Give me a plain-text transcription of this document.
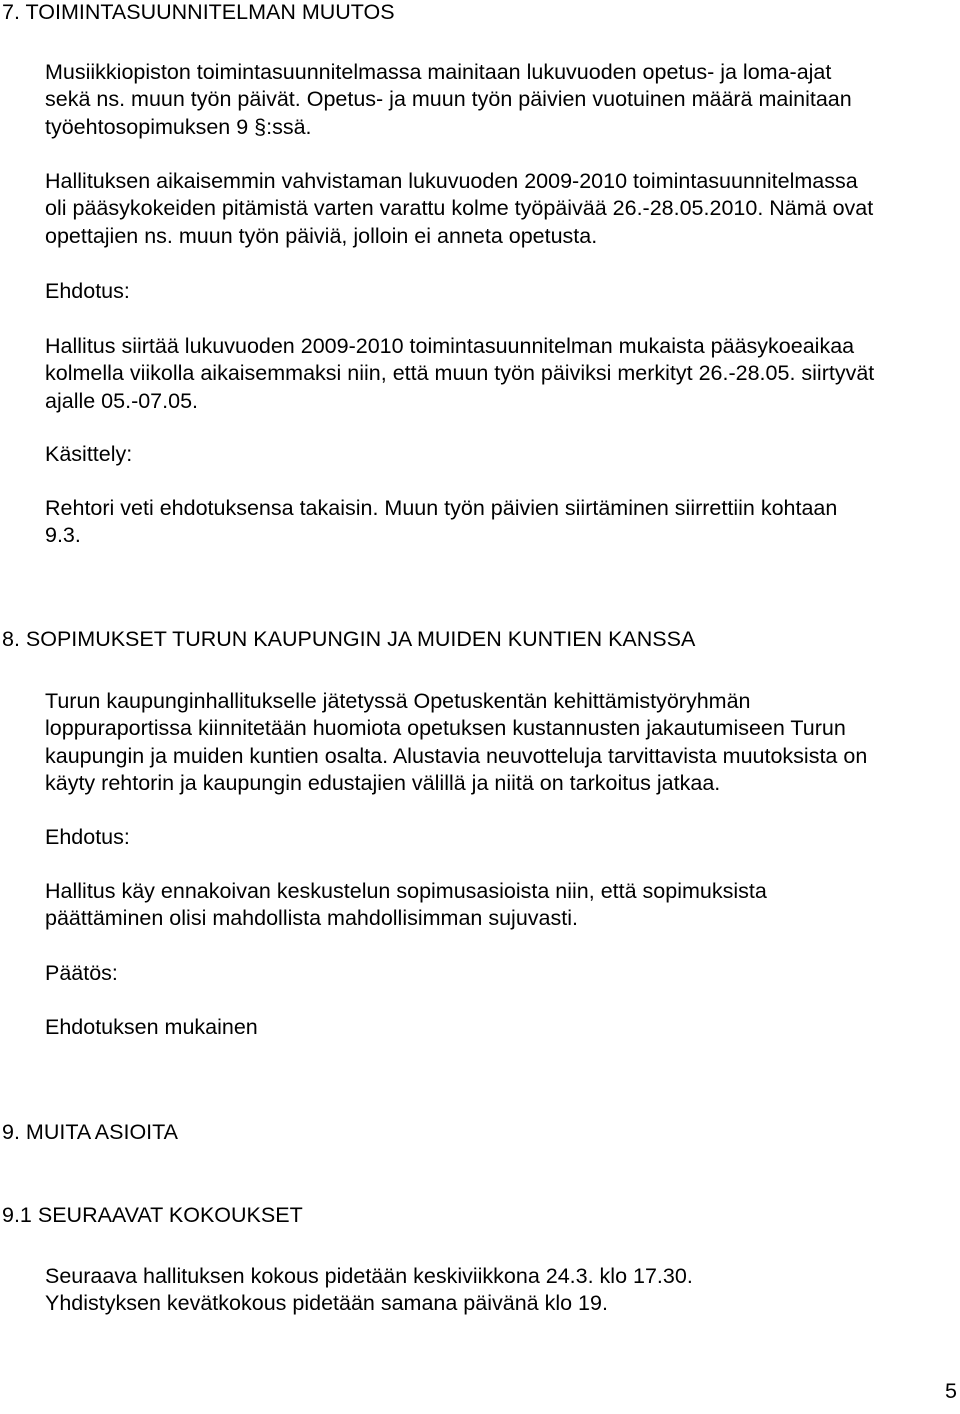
7. TOIMINTASUUNNITELMAN MUUTOS
Musiikkiopiston toimintasuunnitelmassa mainitaan lukuvuoden opetus- ja loma-ajat
sekä ns. muun työn päivät. Opetus- ja muun työn päivien vuotuinen määrä mainitaan
työehtosopimuksen 9 §:ssä.
Hallituksen aikaisemmin vahvistaman lukuvuoden 2009-2010 toimintasuunnitelmassa
oli pääsykokeiden pitämistä varten varattu kolme työpäivää 26.-28.05.2010. Nämä ovat
opettajien ns. muun työn päiviä, jolloin ei anneta opetusta.
Ehdotus:
Hallitus siirtää lukuvuoden 2009-2010 toimintasuunnitelman mukaista pääsykoeaikaa
kolmella viikolla aikaisemmaksi niin, että muun työn päiviksi merkityt 26.-28.05. siirtyvät
ajalle 05.-07.05.
Käsittely:
Rehtori veti ehdotuksensa takaisin. Muun työn päivien siirtäminen siirrettiin kohtaan
9.3.
8. SOPIMUKSET TURUN KAUPUNGIN JA MUIDEN KUNTIEN KANSSA
Turun kaupunginhallitukselle jätetyssä Opetuskentän kehittämistyöryhmän
loppuraportissa kiinnitetään huomiota opetuksen kustannusten jakautumiseen Turun
kaupungin ja muiden kuntien osalta. Alustavia neuvotteluja tarvittavista muutoksista on
käyty rehtorin ja kaupungin edustajien välillä ja niitä on tarkoitus jatkaa.
Ehdotus:
Hallitus käy ennakoivan keskustelun sopimusasioista niin, että sopimuksista
päättäminen olisi mahdollista mahdollisimman sujuvasti.
Päätös:
Ehdotuksen mukainen
9. MUITA ASIOITA
9.1 SEURAAVAT KOKOUKSET
Seuraava hallituksen kokous pidetään keskiviikkona 24.3. klo 17.30.
Yhdistyksen kevätkokous pidetään samana päivänä klo 19.
5
